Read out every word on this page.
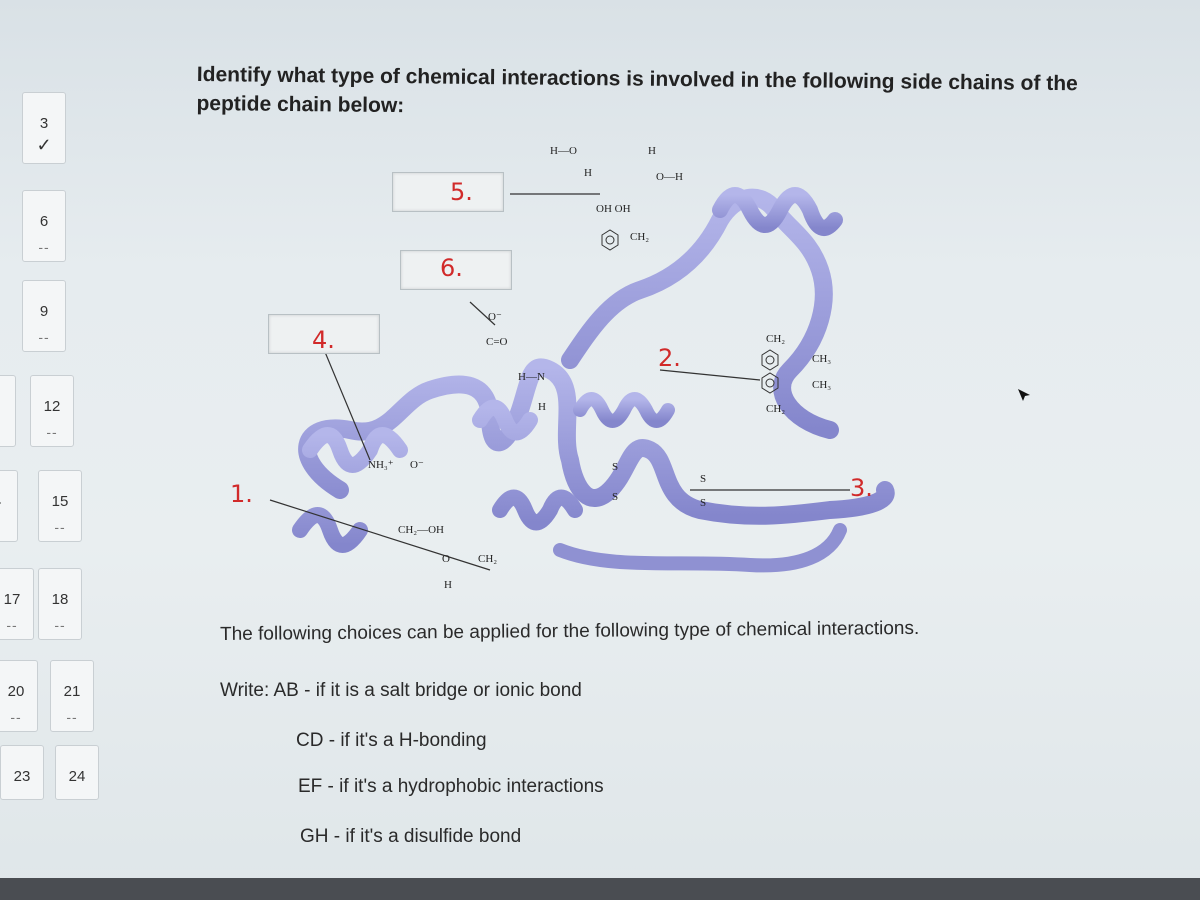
3
✓
6
--
9
--
12
--
15
--
18
--
21
--
24
17
--
20
--
23
Identify what type of chemical interactions is involved in the following side chains of the peptide chain below:
NH₃⁺ O⁻
CH₂—OH
CH₂
O
H
O⁻
C=O
H—N
H
H—O
H
H
O—H
OH OH
CH₂
CH₂
CH₃
CH₃
CH₂
S
S
S
S
5.
6.
4.
2.
1.	3.
The following choices can be applied for the following type of chemical interactions.
Write: AB - if it is a salt bridge or ionic bond
CD - if it's a H-bonding
EF - if it's a hydrophobic interactions
GH - if it's a disulfide bond
